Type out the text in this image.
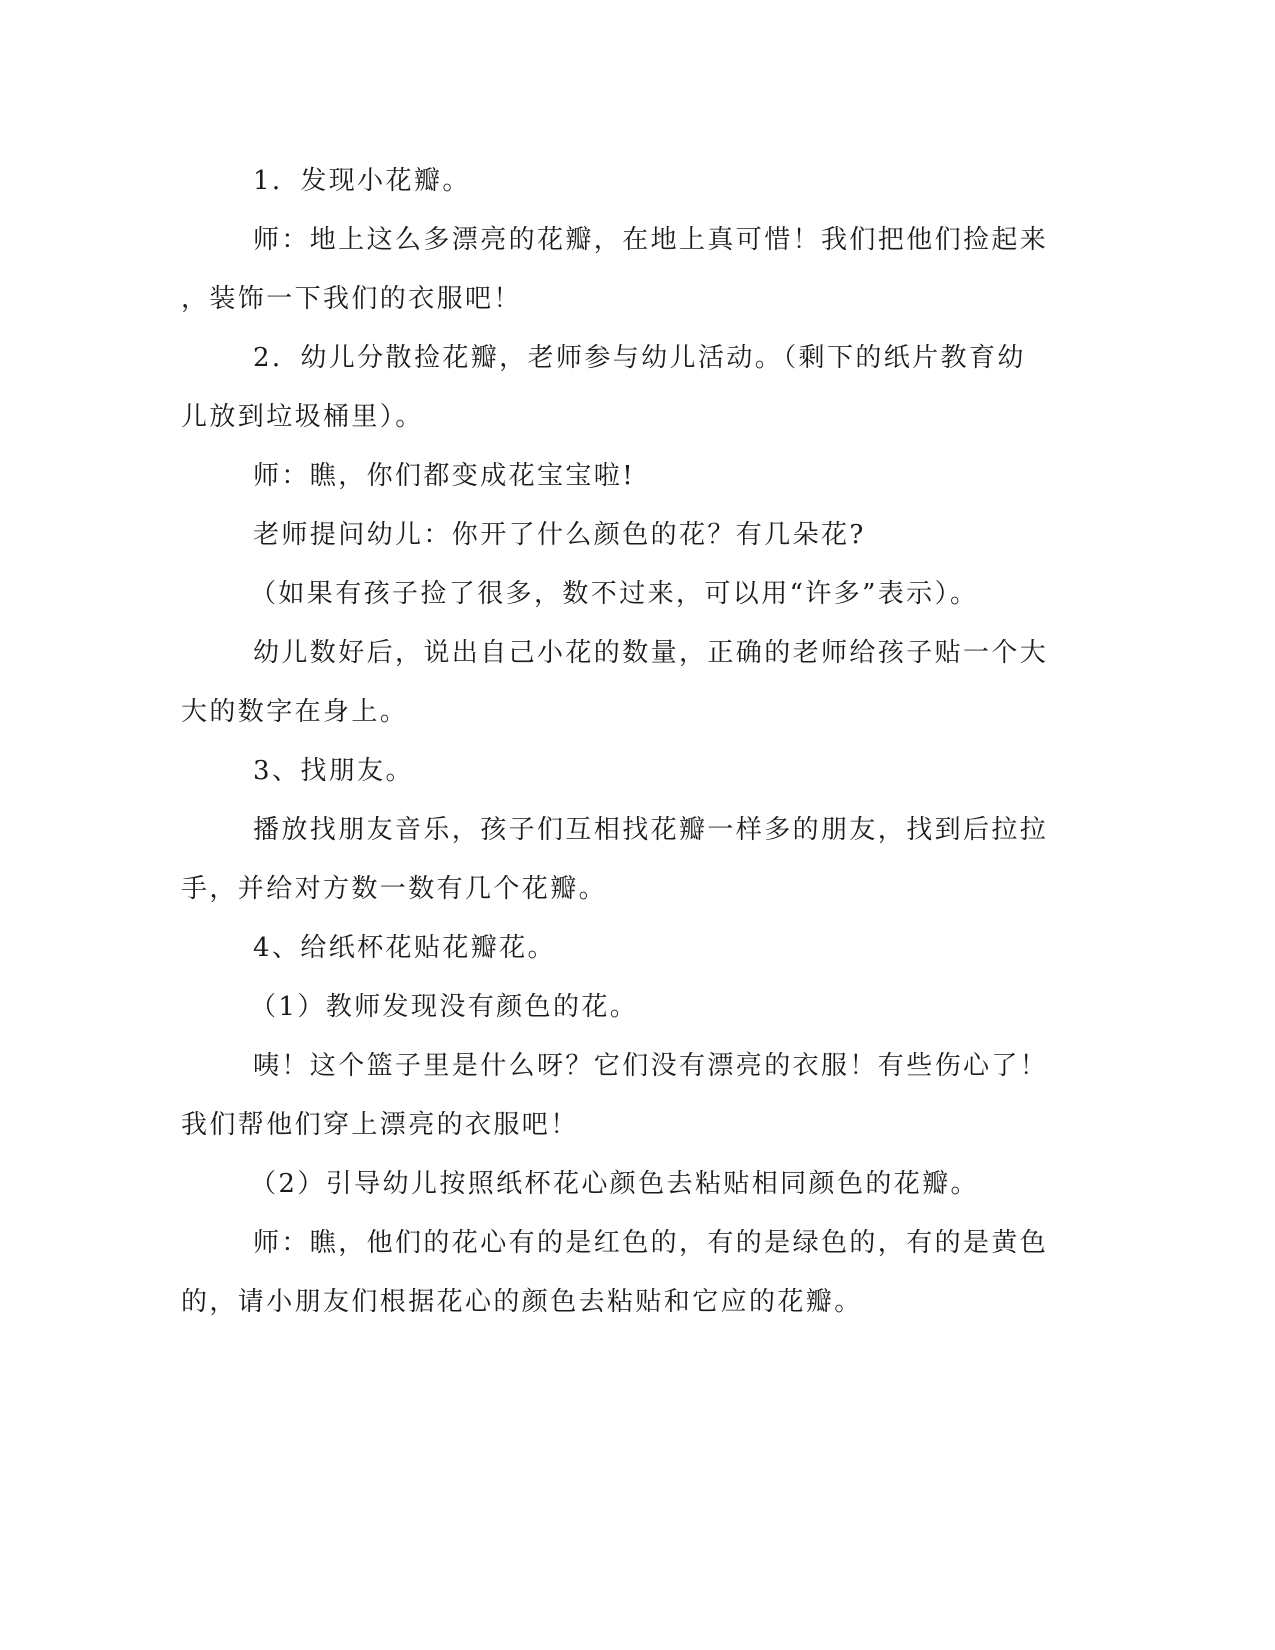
1．发现小花瓣。
师：地上这么多漂亮的花瓣，在地上真可惜！我们把他们捡起来
，装饰一下我们的衣服吧！
2．幼儿分散捡花瓣，老师参与幼儿活动。（剩下的纸片教育幼
儿放到垃圾桶里）。
师：瞧，你们都变成花宝宝啦!
老师提问幼儿：你开了什么颜色的花？有几朵花?
（如果有孩子捡了很多，数不过来，可以用“许多”表示）。
幼儿数好后，说出自己小花的数量，正确的老师给孩子贴一个大
大的数字在身上。
3、找朋友。
播放找朋友音乐，孩子们互相找花瓣一样多的朋友，找到后拉拉
手，并给对方数一数有几个花瓣。
4、给纸杯花贴花瓣花。
（1）教师发现没有颜色的花。
咦！这个篮子里是什么呀？它们没有漂亮的衣服！有些伤心了！
我们帮他们穿上漂亮的衣服吧！
（2）引导幼儿按照纸杯花心颜色去粘贴相同颜色的花瓣。
师：瞧，他们的花心有的是红色的，有的是绿色的，有的是黄色
的，请小朋友们根据花心的颜色去粘贴和它应的花瓣。
